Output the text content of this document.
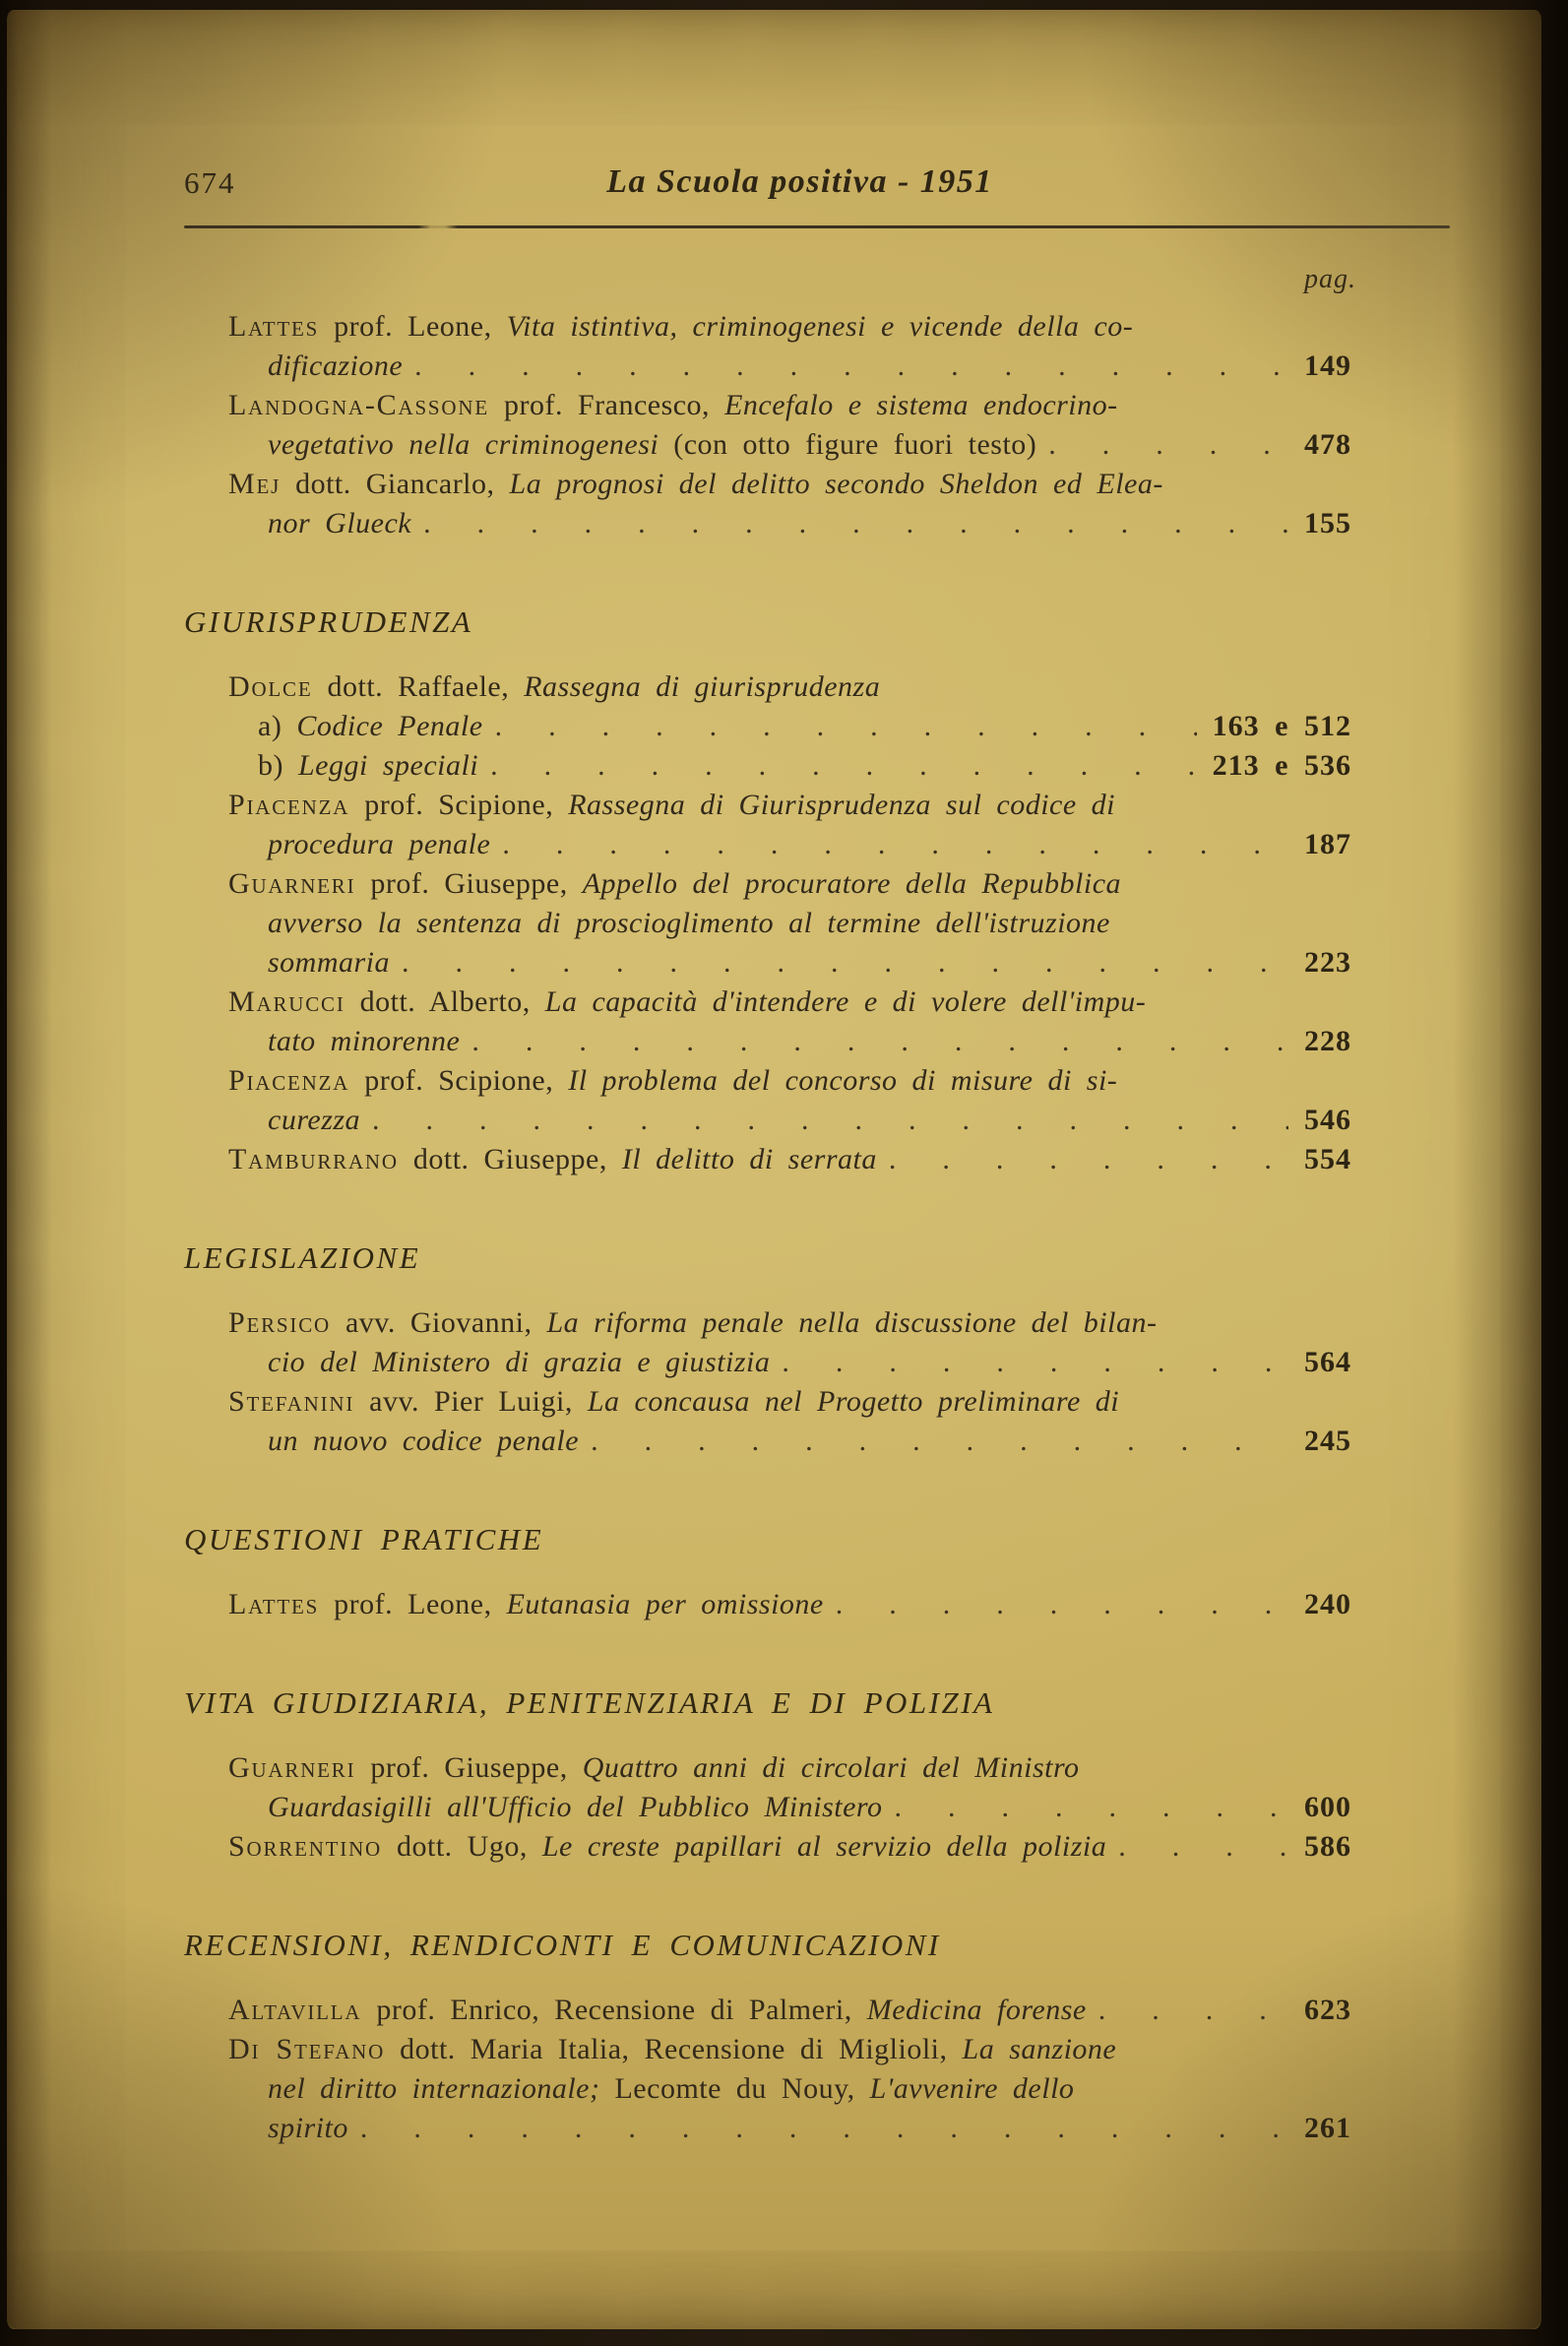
674	La Scuola positiva - 1951
pag.
Lattes prof. Leone, Vita istintiva, criminogenesi e vicende della co-
dificazione .....	149
Landogna-Cassone prof. Francesco, Encefalo e sistema endocrino-
vegetativo nella criminogenesi (con otto figure fuori testo) .....	478
Mej dott. Giancarlo, La prognosi del delitto secondo Sheldon ed Elea-
nor Glueck .....	155
GIURISPRUDENZA
Dolce dott. Raffaele, Rassegna di giurisprudenza
a) Codice Penale .....	163 e 512
b) Leggi speciali .....	213 e 536
Piacenza prof. Scipione, Rassegna di Giurisprudenza sul codice di
procedura penale .....	187
Guarneri prof. Giuseppe, Appello del procuratore della Repubblica
avverso la sentenza di proscioglimento al termine dell'istruzione
sommaria .....	223
Marucci dott. Alberto, La capacità d'intendere e di volere dell'impu-
tato minorenne .....	228
Piacenza prof. Scipione, Il problema del concorso di misure di si-
curezza .....	546
Tamburrano dott. Giuseppe, Il delitto di serrata .....	554
LEGISLAZIONE
Persico avv. Giovanni, La riforma penale nella discussione del bilan-
cio del Ministero di grazia e giustizia .....	564
Stefanini avv. Pier Luigi, La concausa nel Progetto preliminare di
un nuovo codice penale .....	245
QUESTIONI PRATICHE
Lattes prof. Leone, Eutanasia per omissione .....	240
VITA GIUDIZIARIA, PENITENZIARIA E DI POLIZIA
Guarneri prof. Giuseppe, Quattro anni di circolari del Ministro
Guardasigilli all'Ufficio del Pubblico Ministero .....	600
Sorrentino dott. Ugo, Le creste papillari al servizio della polizia .....	586
RECENSIONI, RENDICONTI E COMUNICAZIONI
Altavilla prof. Enrico, Recensione di Palmeri, Medicina forense .....	623
Di Stefano dott. Maria Italia, Recensione di Miglioli, La sanzione
nel diritto internazionale; Lecomte du Nouy, L'avvenire dello
spirito .....	261
